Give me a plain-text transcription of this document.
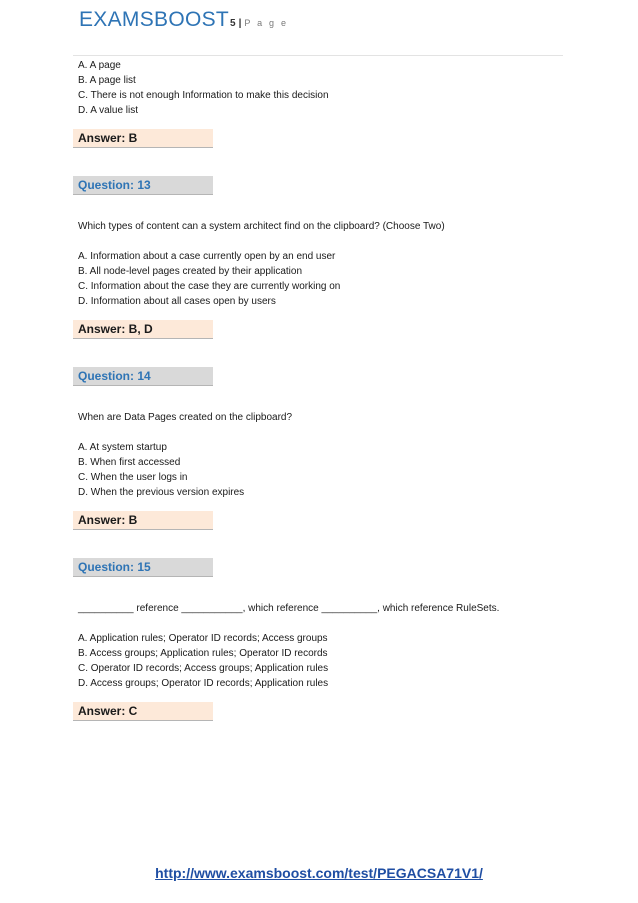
EXAMSBOOST 5 | P a g e
A. A page
B. A page list
C. There is not enough Information to make this decision
D. A value list
Answer: B
Question: 13
Which types of content can a system architect find on the clipboard? (Choose Two)
A. Information about a case currently open by an end user
B. All node-level pages created by their application
C. Information about the case they are currently working on
D. Information about all cases open by users
Answer: B, D
Question: 14
When are Data Pages created on the clipboard?
A. At system startup
B. When first accessed
C. When the user logs in
D. When the previous version expires
Answer: B
Question: 15
__________ reference ___________, which reference __________, which reference RuleSets.
A. Application rules; Operator ID records; Access groups
B. Access groups; Application rules; Operator ID records
C. Operator ID records; Access groups; Application rules
D. Access groups; Operator ID records; Application rules
Answer: C
http://www.examsboost.com/test/PEGACSA71V1/
